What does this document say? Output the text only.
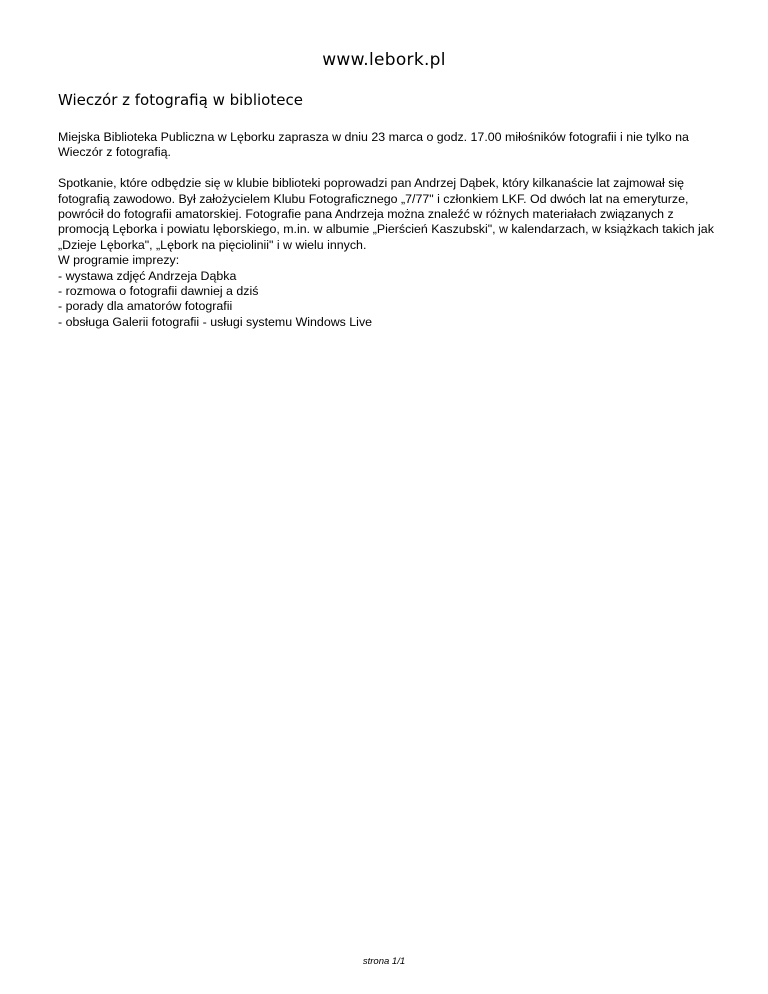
www.lebork.pl
Wieczór z fotografią w bibliotece

Miejska Biblioteka Publiczna w Lęborku zaprasza w dniu 23 marca o godz. 17.00 miłośników fotografii i nie tylko na Wieczór z fotografią.

Spotkanie, które odbędzie się w klubie biblioteki poprowadzi pan Andrzej Dąbek, który kilkanaście lat zajmował się fotografią zawodowo. Był założycielem Klubu Fotograficznego „7/77" i członkiem LKF. Od dwóch lat na emeryturze, powrócił do fotografii amatorskiej. Fotografie pana Andrzeja można znaleźć w różnych materiałach związanych z promocją Lęborka i powiatu lęborskiego, m.in. w albumie „Pierścień Kaszubski", w kalendarzach, w książkach takich jak „Dzieje Lęborka", „Lębork na pięciolinii" i w wielu innych.

W programie imprezy:

- wystawa zdjęć Andrzeja Dąbka
- rozmowa o fotografii dawniej a dziś
- porady dla amatorów fotografii
- obsługa Galerii fotografii - usługi systemu Windows Live
strona 1/1
